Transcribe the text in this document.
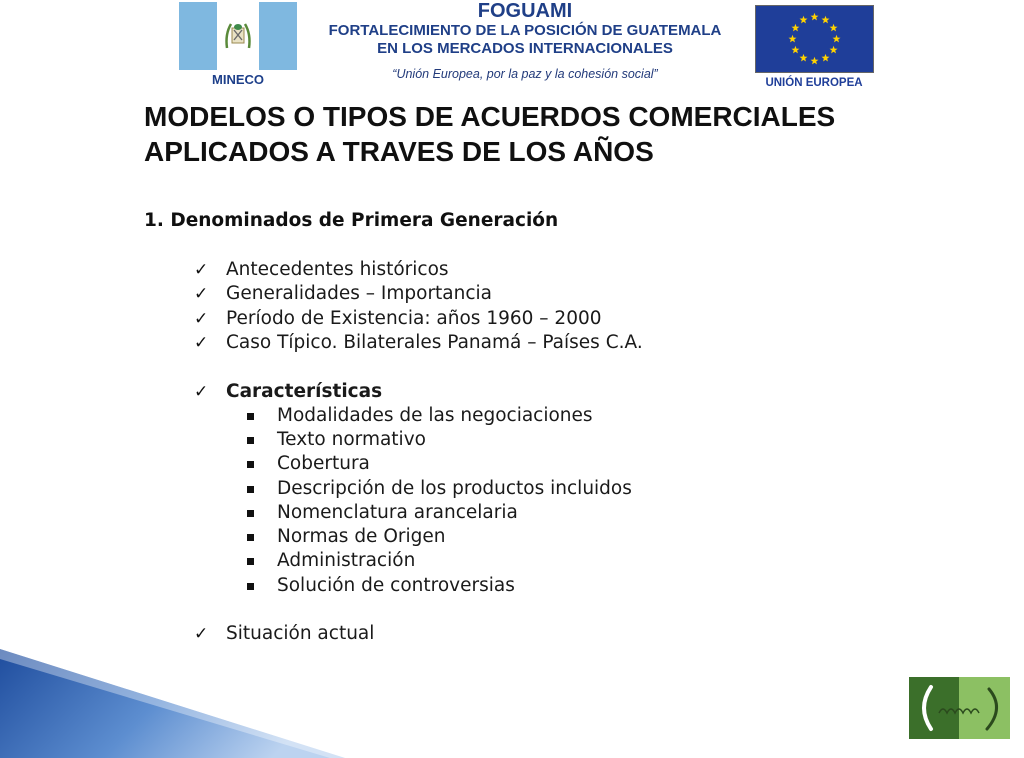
MINECO
FOGUAMI
FORTALECIMIENTO DE LA POSICIÓN DE GUATEMALA
EN LOS MERCADOS INTERNACIONALES
“Unión Europea, por la paz y la cohesión social”
UNIÓN EUROPEA
MODELOS O TIPOS DE ACUERDOS COMERCIALES APLICADOS A TRAVES DE LOS AÑOS
1. Denominados de Primera Generación
✓ Antecedentes históricos
✓ Generalidades – Importancia
✓ Período de Existencia: años 1960 – 2000
✓ Caso Típico. Bilaterales Panamá – Países C.A.
✓ Características
Modalidades de las negociaciones
Texto normativo
Cobertura
Descripción de los productos incluidos
Nomenclatura arancelaria
Normas de Origen
Administración
Solución de controversias
✓ Situación actual
